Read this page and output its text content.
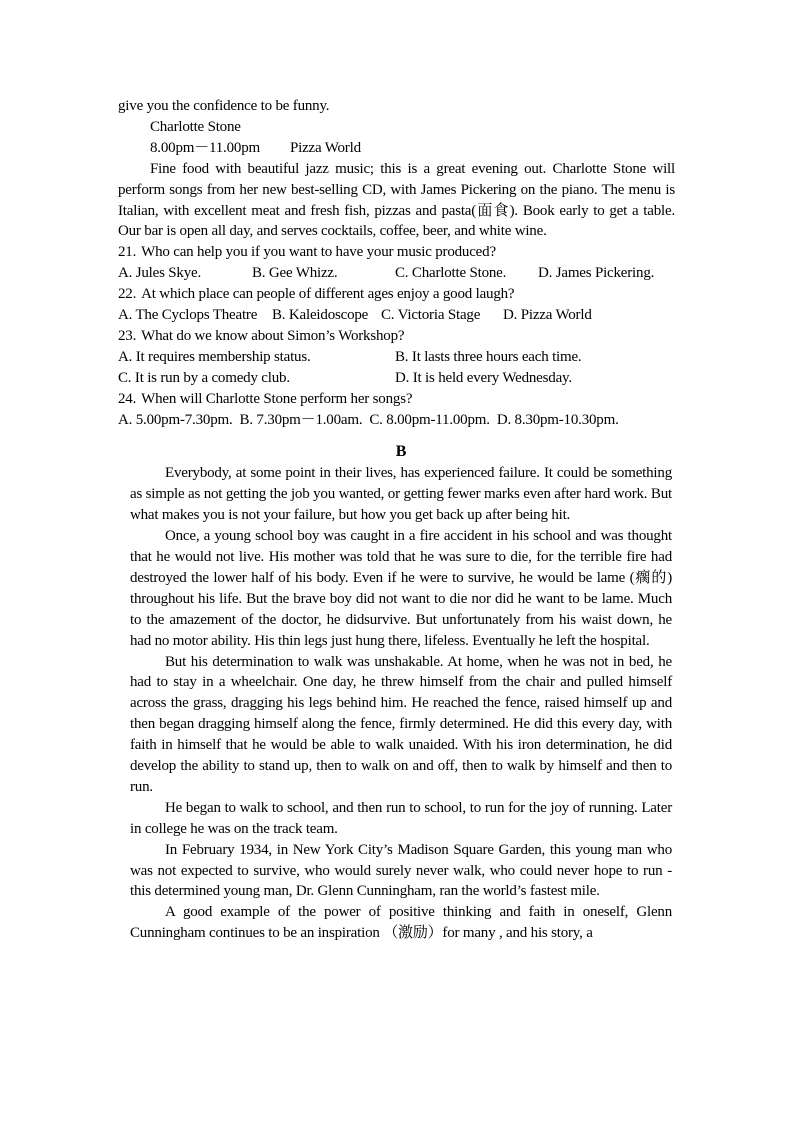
give you the confidence to be funny.
Charlotte Stone
8.00pm－11.00pm Pizza World

Fine food with beautiful jazz music; this is a great evening out. Charlotte Stone will perform songs from her new best-selling CD, with James Pickering on the piano. The menu is Italian, with excellent meat and fresh fish, pizzas and pasta(面食). Book early to get a table. Our bar is open all day, and serves cocktails, coffee, beer, and white wine.

21. Who can help you if you want to have your music produced?
A. Jules Skye.	B. Gee Whizz.	C. Charlotte Stone. D. James Pickering.
22. At which place can people of different ages enjoy a good laugh?
A. The Cyclops Theatre B. Kaleidoscope C. Victoria Stage D. Pizza World
23. What do we know about Simon’s Workshop?
A. It requires membership status.	B. It lasts three hours each time.
C. It is run by a comedy club.	D. It is held every Wednesday.
24. When will Charlotte Stone perform her songs?
A. 5.00pm-7.30pm. B. 7.30pm－1.00am. C. 8.00pm-11.00pm. D. 8.30pm-10.30pm.
B

Everybody, at some point in their lives, has experienced failure. It could be something as simple as not getting the job you wanted, or getting fewer marks even after hard work. But what makes you is not your failure, but how you get back up after being hit.

Once, a young school boy was caught in a fire accident in his school and was thought that he would not live. His mother was told that he was sure to die, for the terrible fire had destroyed the lower half of his body. Even if he were to survive, he would be lame (瘸的) throughout his life. But the brave boy did not want to die nor did he want to be lame. Much to the amazement of the doctor, he didsurvive. But unfortunately from his waist down, he had no motor ability. His thin legs just hung there, lifeless. Eventually he left the hospital.

But his determination to walk was unshakable. At home, when he was not in bed, he had to stay in a wheelchair. One day, he threw himself from the chair and pulled himself across the grass, dragging his legs behind him. He reached the fence, raised himself up and then began dragging himself along the fence, firmly determined. He did this every day, with faith in himself that he would be able to walk unaided. With his iron determination, he did develop the ability to stand up, then to walk on and off, then to walk by himself and then to run.

He began to walk to school, and then run to school, to run for the joy of running. Later in college he was on the track team.

In February 1934, in New York City’s Madison Square Garden, this young man who was not expected to survive, who would surely never walk, who could never hope to run - this determined young man, Dr. Glenn Cunningham, ran the world’s fastest mile.

A good example of the power of positive thinking and faith in oneself, Glenn Cunningham continues to be an inspiration （激励）for many , and his story, a
